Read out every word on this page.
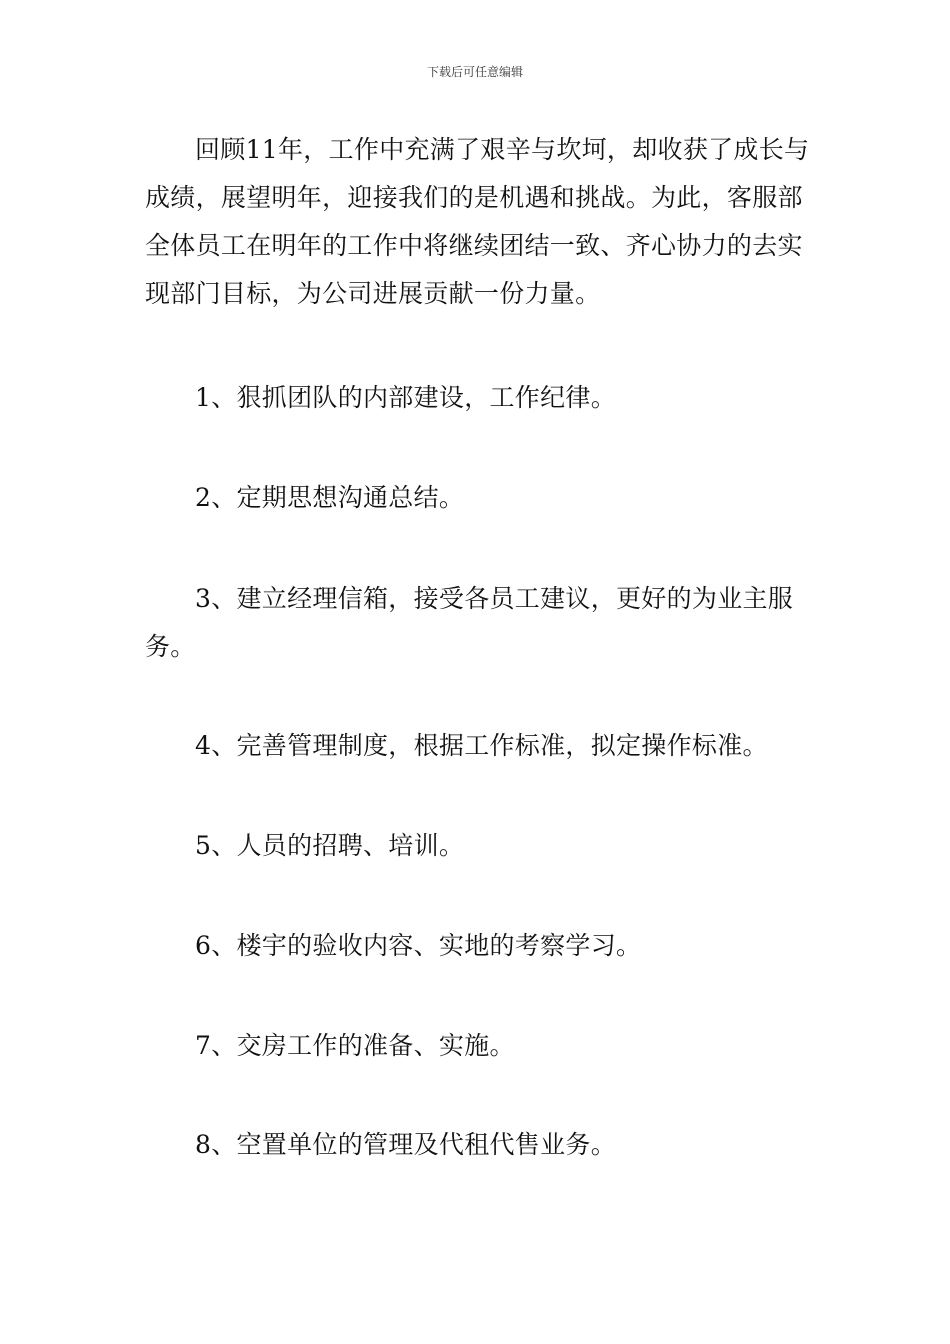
下载后可任意编辑

回顾11年，工作中充满了艰辛与坎坷，却收获了成长与成绩，展望明年，迎接我们的是机遇和挑战。为此，客服部全体员工在明年的工作中将继续团结一致、齐心协力的去实现部门目标，为公司进展贡献一份力量。

1、狠抓团队的内部建设，工作纪律。

2、定期思想沟通总结。

3、建立经理信箱，接受各员工建议，更好的为业主服务。

4、完善管理制度，根据工作标准，拟定操作标准。

5、人员的招聘、培训。

6、楼宇的验收内容、实地的考察学习。

7、交房工作的准备、实施。

8、空置单位的管理及代租代售业务。
